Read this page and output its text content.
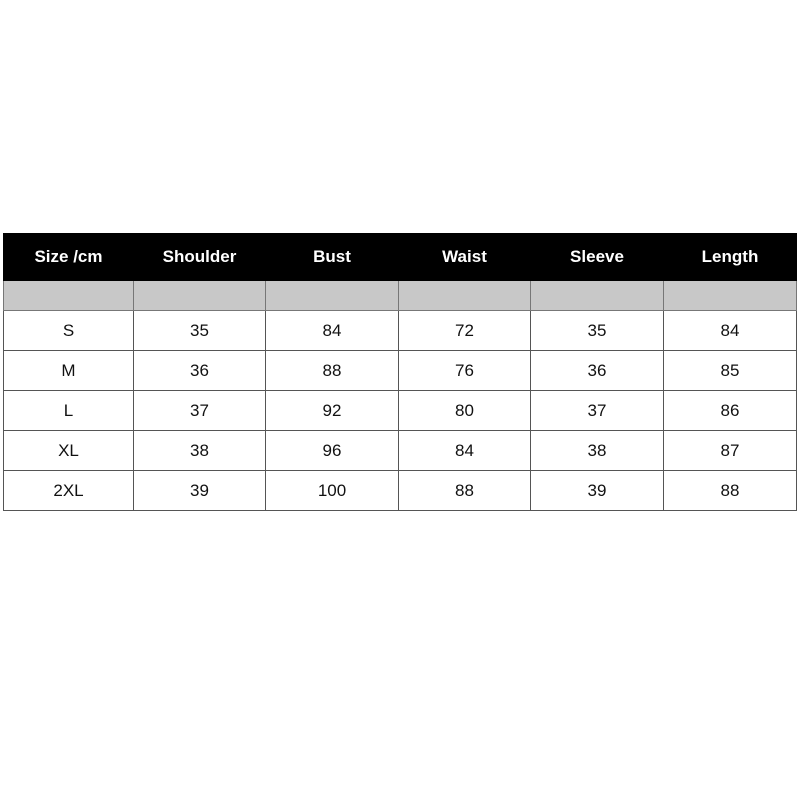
Size /cm	Shoulder	Bust	Waist	Sleeve	Length

S	35	84	72	35	84
M	36	88	76	36	85
L	37	92	80	37	86
XL	38	96	84	38	87
2XL	39	100	88	39	88
